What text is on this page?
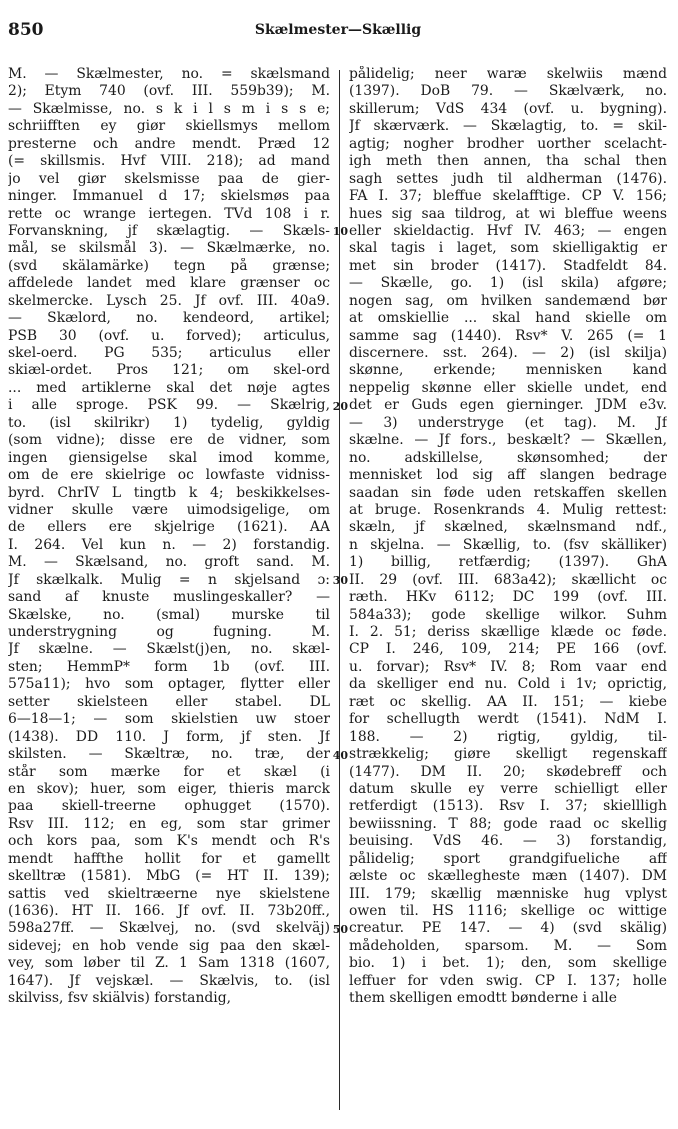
850	Skælmester—Skællig
M. — Skælmester, no. = skælsmand
2); Etym 740 (ovf. III. 559b39); M.
— Skælmisse, no. s k i l s m i s s e;
schriifften ey giør skiellsmys mellom
presterne och andre mendt. Præd 12
(= skillsmis. Hvf VIII. 218); ad mand
jo vel giør skelsmisse paa de gier-
ninger. Immanuel d 17; skielsmøs paa
rette oc wrange iertegen. TVd 108 i r.
Forvanskning, jf skælagtig. — Skæls-
mål, se skilsmål 3). — Skælmærke, no.
(svd skälamärke) tegn på grænse;
affdelede landet med klare grænser oc
skelmercke. Lysch 25. Jf ovf. III. 40a9.
— Skælord, no. kendeord, artikel;
PSB 30 (ovf. u. forved); articulus,
skel-oerd. PG 535; articulus eller
skiæl-ordet. Pros 121; om skel-ord
... med artiklerne skal det nøje agtes
i alle sproge. PSK 99. — Skælrig,
to. (isl skilrikr) 1) tydelig, gyldig
(som vidne); disse ere de vidner, som
ingen giensigelse skal imod komme,
om de ere skielrige oc lowfaste vidniss-
byrd. ChrIV L tingtb k 4; beskikkelses-
vidner skulle være uimodsigelige, om
de ellers ere skjelrige (1621). AA
I. 264. Vel kun n. — 2) forstandig.
M. — Skælsand, no. groft sand. M.
Jf skælkalk. Mulig = n skjelsand ɔ:
sand af knuste muslingeskaller? —
Skælske, no. (smal) murske til
understrygning og fugning. M.
Jf skælne. — Skælst(j)en, no. skæl-
sten; HemmP* form 1b (ovf. III.
575a11); hvo som optager, flytter eller
setter skielsteen eller stabel. DL
6—18—1; — som skielstien uw stoer
(1438). DD 110. J form, jf sten. Jf
skilsten. — Skæltræ, no. træ, der
står som mærke for et skæl (i
en skov); huer, som eiger, thieris marck
paa skiell-treerne ophugget (1570).
Rsv III. 112; en eg, som star grimer
och kors paa, som K's mendt och R's
mendt haffthe hollit for et gamellt
skelltræ (1581). MbG (= HT II. 139);
sattis ved skieltræerne nye skielstene
(1636). HT II. 166. Jf ovf. II. 73b20ff.,
598a27ff. — Skælvej, no. (svd skelväj)
sidevej; en hob vende sig paa den skæl-
vey, som løber til Z. 1 Sam 1318 (1607,
1647). Jf vejskæl. — Skælvis, to. (isl
skilviss, fsv skiälvis) forstandig,
pålidelig; neer waræ skelwiis mænd
(1397). DoB 79. — Skælværk, no.
skillerum; VdS 434 (ovf. u. bygning).
Jf skærværk. — Skælagtig, to. = skil-
agtig; nogher brodher uorther scelacht-
igh meth then annen, tha schal then
sagh settes judh til aldherman (1476).
FA I. 37; bleffue skelafftige. CP V. 156;
hues sig saa tildrog, at wi bleffue weens
eller skieldactig. Hvf IV. 463; — engen
skal tagis i laget, som skielligaktig er
met sin broder (1417). Stadfeldt 84.
— Skælle, go. 1) (isl skila) afgøre;
nogen sag, om hvilken sandemænd bør
at omskiellie ... skal hand skielle om
samme sag (1440). Rsv* V. 265 (= 1
discernere. sst. 264). — 2) (isl skilja)
skønne, erkende; mennisken kand
neppelig skønne eller skielle undet, end
det er Guds egen gierninger. JDM e3v.
— 3) understryge (et tag). M. Jf
skælne. — Jf fors., beskælt? — Skællen,
no. adskillelse, skønsomhed; der
mennisket lod sig aff slangen bedrage
saadan sin føde uden retskaffen skellen
at bruge. Rosenkrands 4. Mulig rettest:
skæln, jf skælned, skælnsmand ndf.,
n skjelna. — Skællig, to. (fsv skälliker)
1) billig, retfærdig; (1397). GhA
II. 29 (ovf. III. 683a42); skællicht oc
ræth. HKv 6112; DC 199 (ovf. III.
584a33); gode skellige wilkor. Suhm
I. 2. 51; deriss skællige klæde oc føde.
CP I. 246, 109, 214; PE 166 (ovf.
u. forvar); Rsv* IV. 8; Rom vaar end
da skelliger end nu. Cold i 1v; oprictig,
ræt oc skellig. AA II. 151; — kiebe
for schellugth werdt (1541). NdM I.
188. — 2) rigtig, gyldig, til-
strækkelig; giøre skelligt regenskaff
(1477). DM II. 20; skødebreff och
datum skulle ey verre schielligt eller
retferdigt (1513). Rsv I. 37; skiellligh
bewiissning. T 88; gode raad oc skellig
beuising. VdS 46. — 3) forstandig,
pålidelig; sport grandgifueliche aff
ælste oc skælleghestе mæn (1407). DM
III. 179; skællig mænniske hug vplyst
owen til. HS 1116; skellige oc wittige
creatur. PE 147. — 4) (svd skälig)
mådeholden, sparsom. M. — Som
bio. 1) i bet. 1); den, som skellige
leffuer for vden swig. CP I. 137; holle
them skelligen emodtt bønderne i alle
10
20
30
40
50
